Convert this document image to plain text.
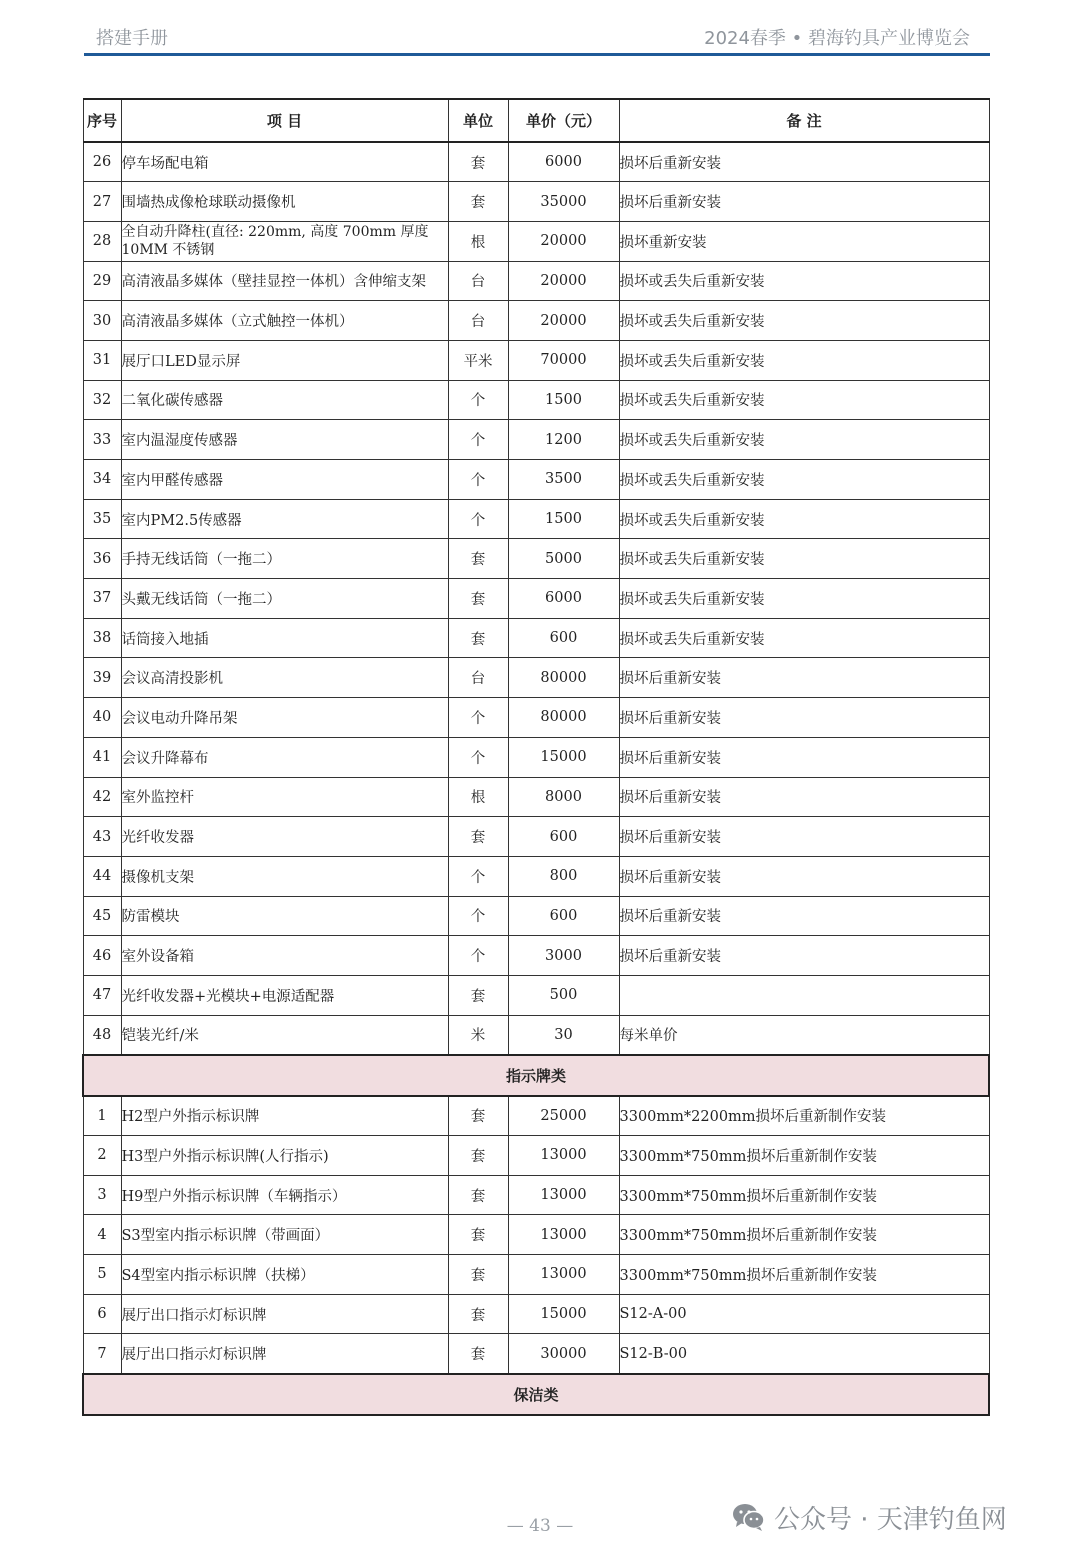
搭建手册	2024春季 • 碧海钓具产业博览会
序号	项 目	单位	单价（元）	备 注
26	停车场配电箱	套	6000	损坏后重新安装
27	围墙热成像枪球联动摄像机	套	35000	损坏后重新安装
28	全自动升降柱(直径: 220mm, 高度 700mm 厚度10MM 不锈钢	根	20000	损坏重新安装
29	高清液晶多媒体（壁挂显控一体机）含伸缩支架	台	20000	损坏或丢失后重新安装
30	高清液晶多媒体（立式触控一体机）	台	20000	损坏或丢失后重新安装
31	展厅口LED显示屏	平米	70000	损坏或丢失后重新安装
32	二氧化碳传感器	个	1500	损坏或丢失后重新安装
33	室内温湿度传感器	个	1200	损坏或丢失后重新安装
34	室内甲醛传感器	个	3500	损坏或丢失后重新安装
35	室内PM2.5传感器	个	1500	损坏或丢失后重新安装
36	手持无线话筒（一拖二）	套	5000	损坏或丢失后重新安装
37	头戴无线话筒（一拖二）	套	6000	损坏或丢失后重新安装
38	话筒接入地插	套	600	损坏或丢失后重新安装
39	会议高清投影机	台	80000	损坏后重新安装
40	会议电动升降吊架	个	80000	损坏后重新安装
41	会议升降幕布	个	15000	损坏后重新安装
42	室外监控杆	根	8000	损坏后重新安装
43	光纤收发器	套	600	损坏后重新安装
44	摄像机支架	个	800	损坏后重新安装
45	防雷模块	个	600	损坏后重新安装
46	室外设备箱	个	3000	损坏后重新安装
47	光纤收发器+光模块+电源适配器	套	500	
48	铠装光纤/米	米	30	每米单价
指示牌类				
1	H2型户外指示标识牌	套	25000	3300mm*2200mm损坏后重新制作安装
2	H3型户外指示标识牌(人行指示)	套	13000	3300mm*750mm损坏后重新制作安装
3	H9型户外指示标识牌（车辆指示）	套	13000	3300mm*750mm损坏后重新制作安装
4	S3型室内指示标识牌（带画面）	套	13000	3300mm*750mm损坏后重新制作安装
5	S4型室内指示标识牌（扶梯）	套	13000	3300mm*750mm损坏后重新制作安装
6	展厅出口指示灯标识牌	套	15000	S12-A-00
7	展厅出口指示灯标识牌	套	30000	S12-B-00
保洁类				
— 43 —	公众号 · 天津钓鱼网
